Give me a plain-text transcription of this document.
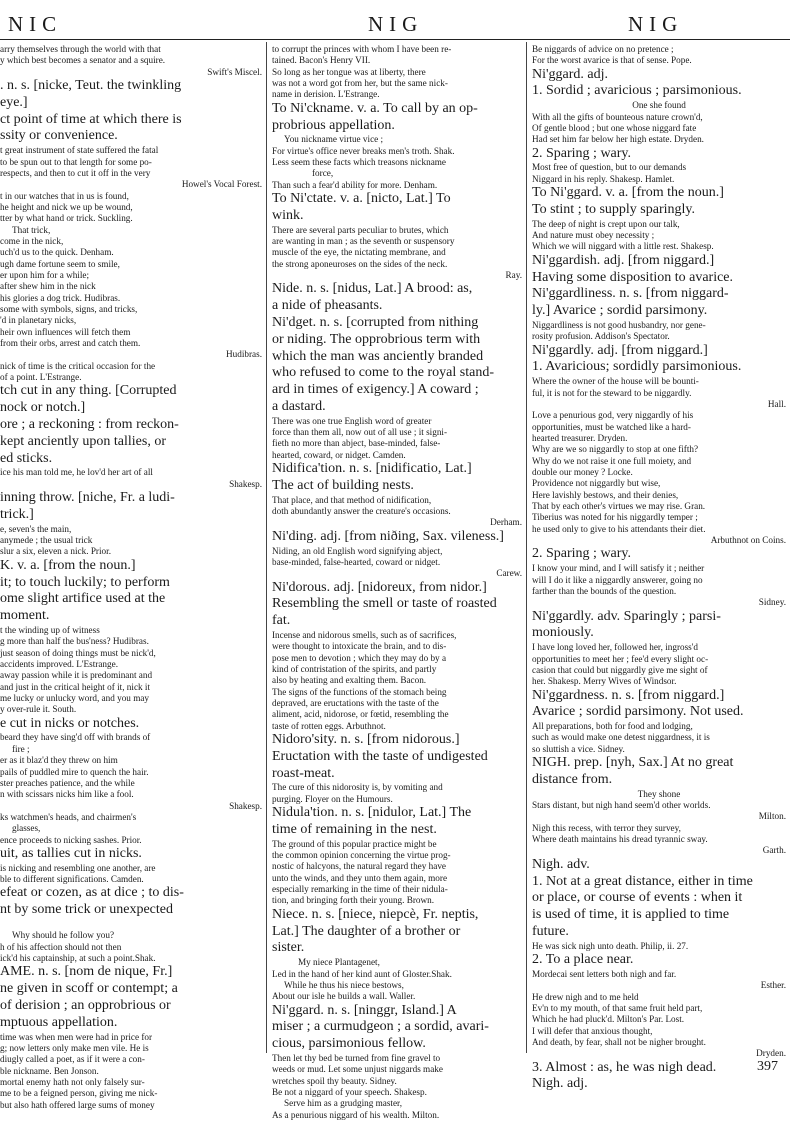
NIC	NIG	NIG
arry themselves through the world with that
y which best becomes a senator and a squire.
Swift's Miscel.
. n. s. [nicke, Teut. the twinkling
eye.]
ct point of time at which there is
ssity or convenience.
t great instrument of state suffered the fatal
to be spun out to that length for some po-
respects, and then to cut it off in the very
Howel's Vocal Forest.
t in our watches that in us is found,
he height and nick we up be wound,
tter by what hand or trick. Suckling.
That trick,
come in the nick,
uch'd us to the quick. Denham.
ugh dame fortune seem to smile,
er upon him for a while;
after shew him in the nick
his glories a dog trick. Hudibras.
some with symbols, signs, and tricks,
'd in planetary nicks,
heir own influences will fetch them
from their orbs, arrest and catch them.
Hudibras.
nick of time is the critical occasion for the
of a point. L'Estrange.
tch cut in any thing. [Corrupted
nock or notch.]
ore ; a reckoning : from reckon-
kept anciently upon tallies, or
ed sticks.
ice his man told me, he lov'd her art of all
Shakesp.
inning throw. [niche, Fr. a ludi-
trick.]
e, seven's the main,
anymede ; the usual trick
slur a six, eleven a nick. Prior.
K. v. a. [from the noun.]
it; to touch luckily; to perform
ome slight artifice used at the
moment.
t the winding up of witness
g more than half the bus'ness? Hudibras.
just season of doing things must be nick'd,
accidents improved. L'Estrange.
away passion while it is predominant and
and just in the critical height of it, nick it
me lucky or unlucky word, and you may
y over-rule it. South.
e cut in nicks or notches.
beard they have sing'd off with brands of
fire ;
er as it blaz'd they threw on him
pails of puddled mire to quench the hair.
ster preaches patience, and the while
n with scissars nicks him like a fool.
Shakesp.
ks watchmen's heads, and chairmen's
glasses,
ence proceeds to nicking sashes. Prior.
uit, as tallies cut in nicks.
is nicking and resembling one another, are
ble to different significations. Camden.
efeat or cozen, as at dice ; to dis-
nt by some trick or unexpected
Why should he follow you?
h of his affection should not then
ick'd his captainship, at such a point.Shak.
AME. n. s. [nom de nique, Fr.]
ne given in scoff or contempt; a
of derision ; an opprobrious or
mptuous appellation.
time was when men were had in price for
g; now letters only make men vile. He is
diugly called a poet, as if it were a con-
ble nickname. Ben Jonson.
mortal enemy hath not only falsely sur-
me to be a feigned person, giving me nick-
but also hath offered large sums of money
to corrupt the princes with whom I have been re-
tained. Bacon's Henry VII.
So long as her tongue was at liberty, there
was not a word got from her, but the same nick-
name in derision. L'Estrange.
To Ni'ckname. v. a. To call by an op-
probrious appellation.
You nickname virtue vice ;
For virtue's office never breaks men's troth. Shak.
Less seem these facts which treasons nickname
force,
Than such a fear'd ability for more. Denham.
To Ni'ctate. v. a. [nicto, Lat.] To
wink.
There are several parts peculiar to brutes, which
are wanting in man ; as the seventh or suspensory
muscle of the eye, the nictating membrane, and
the strong aponeuroses on the sides of the neck.
Ray.
Nide. n. s. [nidus, Lat.] A brood: as,
a nide of pheasants.
Ni'dget. n. s. [corrupted from nithing
or niding. The opprobrious term with
which the man was anciently branded
who refused to come to the royal stand-
ard in times of exigency.] A coward ;
a dastard.
There was one true English word of greater
force than them all, now out of all use ; it signi-
fieth no more than abject, base-minded, false-
hearted, coward, or nidget. Camden.
Nidifica'tion. n. s. [nidificatio, Lat.]
The act of building nests.
That place, and that method of nidification,
doth abundantly answer the creature's occasions.
Derham.
Ni'ding. adj. [from niðing, Sax. vileness.]
Niding, an old English word signifying abject,
base-minded, false-hearted, coward or nidget.
Carew.
Ni'dorous. adj. [nidoreux, from nidor.]
Resembling the smell or taste of roasted
fat.
Incense and nidorous smells, such as of sacrifices,
were thought to intoxicate the brain, and to dis-
pose men to devotion ; which they may do by a
kind of contristation of the spirits, and partly
also by heating and exalting them. Bacon.
The signs of the functions of the stomach being
depraved, are eructations with the taste of the
aliment, acid, nidorose, or fœtid, resembling the
taste of rotten eggs. Arbuthnot.
Nidoro'sity. n. s. [from nidorous.]
Eructation with the taste of undigested
roast-meat.
The cure of this nidorosity is, by vomiting and
purging. Floyer on the Humours.
Nidula'tion. n. s. [nidulor, Lat.] The
time of remaining in the nest.
The ground of this popular practice might be
the common opinion concerning the virtue prog-
nostic of halcyons, the natural regard they have
unto the winds, and they unto them again, more
especially remarking in the time of their nidula-
tion, and bringing forth their young. Brown.
Niece. n. s. [niece, niepcè, Fr. neptis,
Lat.] The daughter of a brother or
sister.
My niece Plantagenet,
Led in the hand of her kind aunt of Gloster.Shak.
While he thus his niece bestows,
About our isle he builds a wall. Waller.
Ni'ggard. n. s. [ninggr, Island.] A
miser ; a curmudgeon ; a sordid, avari-
cious, parsimonious fellow.
Then let thy bed be turned from fine gravel to
weeds or mud. Let some unjust niggards make
wretches spoil thy beauty. Sidney.
Be not a niggard of your speech. Shakesp.
Serve him as a grudging master,
As a penurious niggard of his wealth. Milton.
Be niggards of advice on no pretence ;
For the worst avarice is that of sense. Pope.
Ni'ggard. adj.
1. Sordid ; avaricious ; parsimonious.
One she found
With all the gifts of bounteous nature crown'd,
Of gentle blood ; but one whose niggard fate
Had set him far below her high estate. Dryden.
2. Sparing ; wary.
Most free of question, but to our demands
Niggard in his reply. Shakesp. Hamlet.
To Ni'ggard. v. a. [from the noun.]
To stint ; to supply sparingly.
The deep of night is crept upon our talk,
And nature must obey necessity ;
Which we will niggard with a little rest. Shakesp.
Ni'ggardish. adj. [from niggard.]
Having some disposition to avarice.
Ni'ggardliness. n. s. [from niggard-
ly.] Avarice ; sordid parsimony.
Niggardliness is not good husbandry, nor gene-
rosity profusion. Addison's Spectator.
Ni'ggardly. adj. [from niggard.]
1. Avaricious; sordidly parsimonious.
Where the owner of the house will be bounti-
ful, it is not for the steward to be niggardly.
Hall.
Love a penurious god, very niggardly of his
opportunities, must be watched like a hard-
hearted treasurer. Dryden.
Why are we so niggardly to stop at one fifth?
Why do we not raise it one full moiety, and
double our money ? Locke.
Providence not niggardly but wise,
Here lavishly bestows, and their denies,
That by each other's virtues we may rise. Gran.
Tiberius was noted for his niggardly temper ;
he used only to give to his attendants their diet.
Arbuthnot on Coins.
2. Sparing ; wary.
I know your mind, and I will satisfy it ; neither
will I do it like a niggardly answerer, going no
farther than the bounds of the question.
Sidney.
Ni'ggardly. adv. Sparingly ; parsi-
moniously.
I have long loved her, followed her, ingross'd
opportunities to meet her ; fee'd every slight oc-
casion that could but niggardly give me sight of
her. Shakesp. Merry Wives of Windsor.
Ni'ggardness. n. s. [from niggard.]
Avarice ; sordid parsimony. Not used.
All preparations, both for food and lodging,
such as would make one detest niggardness, it is
so sluttish a vice. Sidney.
NIGH. prep. [nyh, Sax.] At no great
distance from.
They shone
Stars distant, but nigh hand seem'd other worlds.
Milton.
Nigh this recess, with terror they survey,
Where death maintains his dread tyrannic sway.
Garth.
Nigh. adv.
1. Not at a great distance, either in time
or place, or course of events : when it
is used of time, it is applied to time
future.
He was sick nigh unto death. Philip, ii. 27.
2. To a place near.
Mordecai sent letters both nigh and far.
Esther.
He drew nigh and to me held
Ev'n to my mouth, of that same fruit held part,
Which he had pluck'd. Milton's Par. Lost.
I will defer that anxious thought,
And death, by fear, shall not be nigher brought.
Dryden.
3. Almost : as, he was nigh dead.
Nigh. adj.
397
